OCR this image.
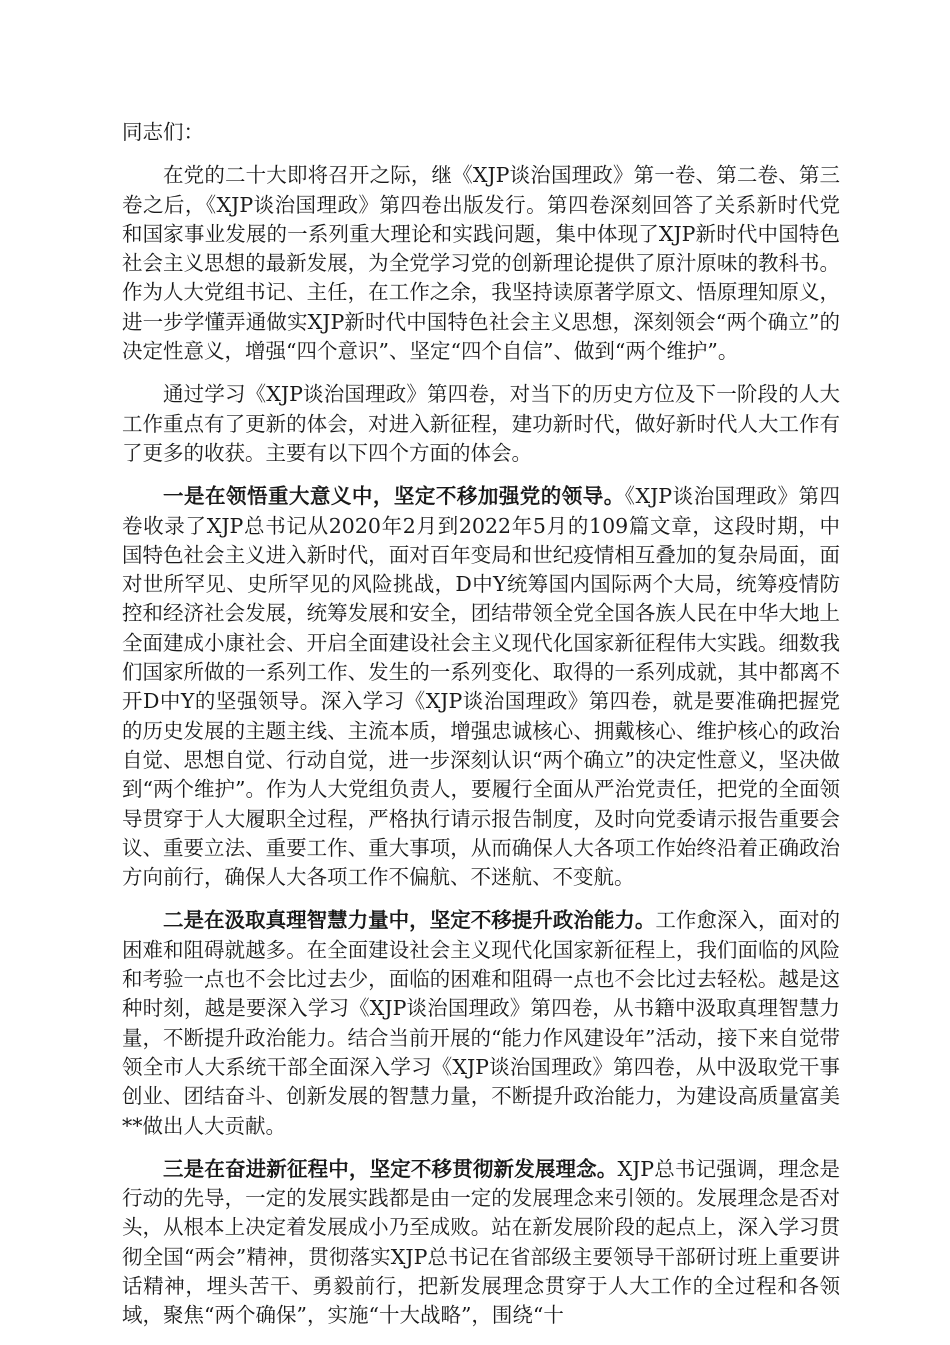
同志们：

在党的二十大即将召开之际，继《XJP谈治国理政》第一卷、第二卷、第三卷之后，《XJP谈治国理政》第四卷出版发行。第四卷深刻回答了关系新时代党和国家事业发展的一系列重大理论和实践问题，集中体现了XJP新时代中国特色社会主义思想的最新发展，为全党学习党的创新理论提供了原汁原味的教科书。作为人大党组书记、主任，在工作之余，我坚持读原著学原文、悟原理知原义，进一步学懂弄通做实XJP新时代中国特色社会主义思想，深刻领会“两个确立”的决定性意义，增强“四个意识”、坚定“四个自信”、做到“两个维护”。

通过学习《XJP谈治国理政》第四卷，对当下的历史方位及下一阶段的人大工作重点有了更新的体会，对进入新征程，建功新时代，做好新时代人大工作有了更多的收获。主要有以下四个方面的体会。

一是在领悟重大意义中，坚定不移加强党的领导。《XJP谈治国理政》第四卷收录了XJP总书记从2020年2月到2022年5月的109篇文章，这段时期，中国特色社会主义进入新时代，面对百年变局和世纪疫情相互叠加的复杂局面，面对世所罕见、史所罕见的风险挑战，D中Y统筹国内国际两个大局，统筹疫情防控和经济社会发展，统筹发展和安全，团结带领全党全国各族人民在中华大地上全面建成小康社会、开启全面建设社会主义现代化国家新征程伟大实践。细数我们国家所做的一系列工作、发生的一系列变化、取得的一系列成就，其中都离不开D中Y的坚强领导。深入学习《XJP谈治国理政》第四卷，就是要准确把握党的历史发展的主题主线、主流本质，增强忠诚核心、拥戴核心、维护核心的政治自觉、思想自觉、行动自觉，进一步深刻认识“两个确立”的决定性意义，坚决做到“两个维护”。作为人大党组负责人，要履行全面从严治党责任，把党的全面领导贯穿于人大履职全过程，严格执行请示报告制度，及时向党委请示报告重要会议、重要立法、重要工作、重大事项，从而确保人大各项工作始终沿着正确政治方向前行，确保人大各项工作不偏航、不迷航、不变航。

二是在汲取真理智慧力量中，坚定不移提升政治能力。工作愈深入，面对的困难和阻碍就越多。在全面建设社会主义现代化国家新征程上，我们面临的风险和考验一点也不会比过去少，面临的困难和阻碍一点也不会比过去轻松。越是这种时刻，越是要深入学习《XJP谈治国理政》第四卷，从书籍中汲取真理智慧力量，不断提升政治能力。结合当前开展的“能力作风建设年”活动，接下来自觉带领全市人大系统干部全面深入学习《XJP谈治国理政》第四卷，从中汲取党干事创业、团结奋斗、创新发展的智慧力量，不断提升政治能力，为建设高质量富美**做出人大贡献。

三是在奋进新征程中，坚定不移贯彻新发展理念。XJP总书记强调，理念是行动的先导，一定的发展实践都是由一定的发展理念来引领的。发展理念是否对头，从根本上决定着发展成小乃至成败。站在新发展阶段的起点上，深入学习贯彻全国“两会”精神，贯彻落实XJP总书记在省部级主要领导干部研讨班上重要讲话精神，埋头苦干、勇毅前行，把新发展理念贯穿于人大工作的全过程和各领域，聚焦“两个确保”，实施“十大战略”，围绕“十
